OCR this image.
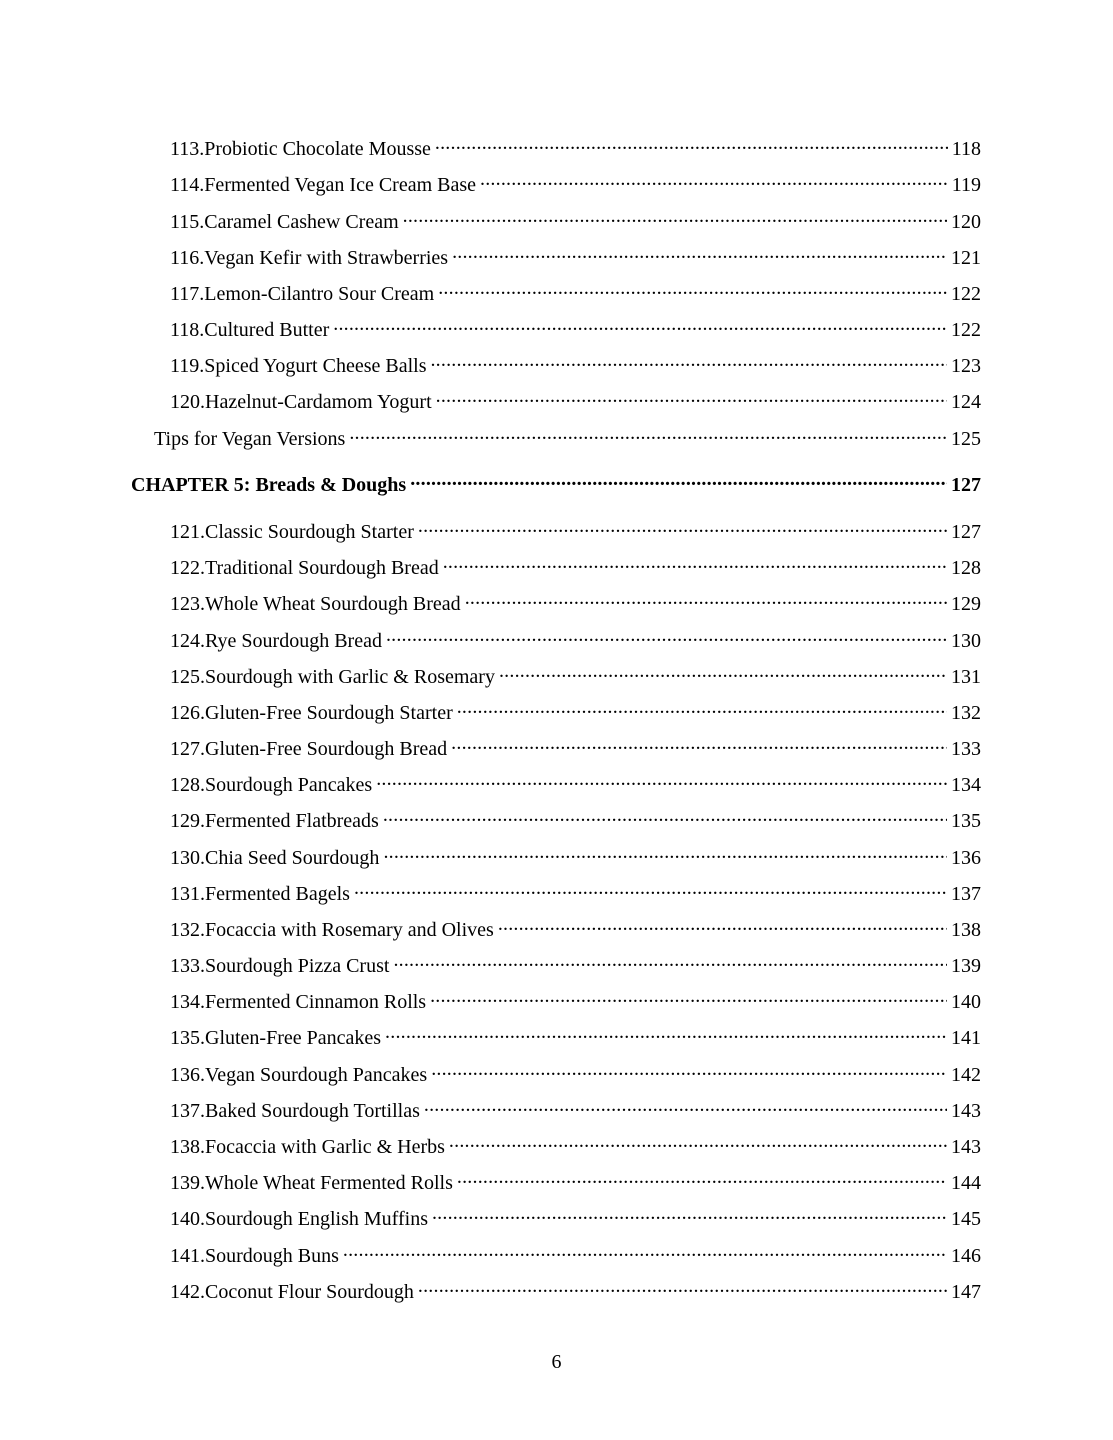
113. Probiotic Chocolate Mousse .....	118
114. Fermented Vegan Ice Cream Base .....	119
115. Caramel Cashew Cream .....	120
116. Vegan Kefir with Strawberries .....	121
117. Lemon-Cilantro Sour Cream .....	122
118. Cultured Butter .....	122
119. Spiced Yogurt Cheese Balls .....	123
120. Hazelnut-Cardamom Yogurt .....	124
Tips for Vegan Versions .....	125
CHAPTER 5: Breads & Doughs .....	127
121. Classic Sourdough Starter .....	127
122. Traditional Sourdough Bread .....	128
123. Whole Wheat Sourdough Bread .....	129
124. Rye Sourdough Bread .....	130
125. Sourdough with Garlic & Rosemary .....	131
126. Gluten-Free Sourdough Starter .....	132
127. Gluten-Free Sourdough Bread .....	133
128. Sourdough Pancakes .....	134
129. Fermented Flatbreads .....	135
130. Chia Seed Sourdough .....	136
131. Fermented Bagels .....	137
132. Focaccia with Rosemary and Olives .....	138
133. Sourdough Pizza Crust .....	139
134. Fermented Cinnamon Rolls .....	140
135. Gluten-Free Pancakes .....	141
136. Vegan Sourdough Pancakes .....	142
137. Baked Sourdough Tortillas .....	143
138. Focaccia with Garlic & Herbs .....	143
139. Whole Wheat Fermented Rolls .....	144
140. Sourdough English Muffins .....	145
141. Sourdough Buns .....	146
142. Coconut Flour Sourdough .....	147
6
